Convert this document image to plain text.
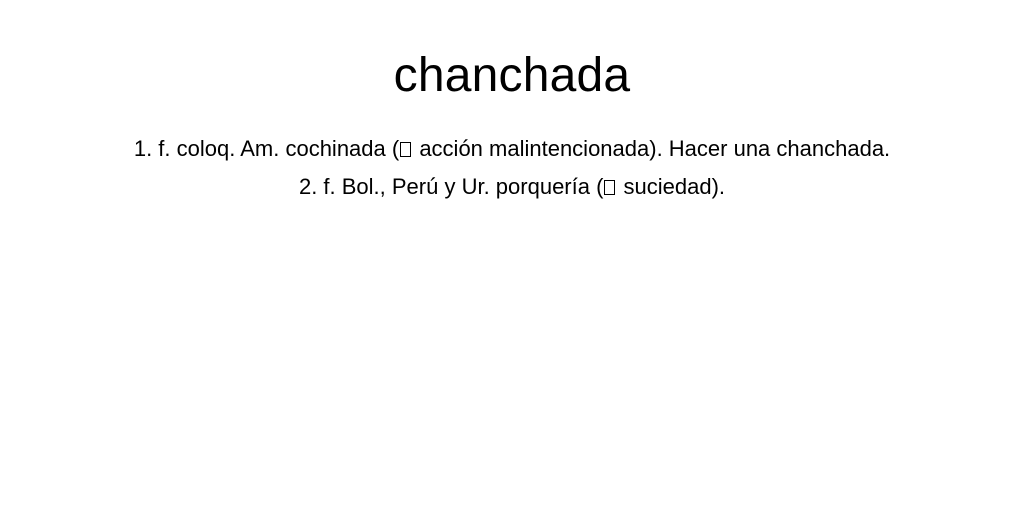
chanchada
1. f. coloq. Am. cochinada ( acción malintencionada). Hacer una chanchada.
2. f. Bol., Perú y Ur. porquería ( suciedad).
